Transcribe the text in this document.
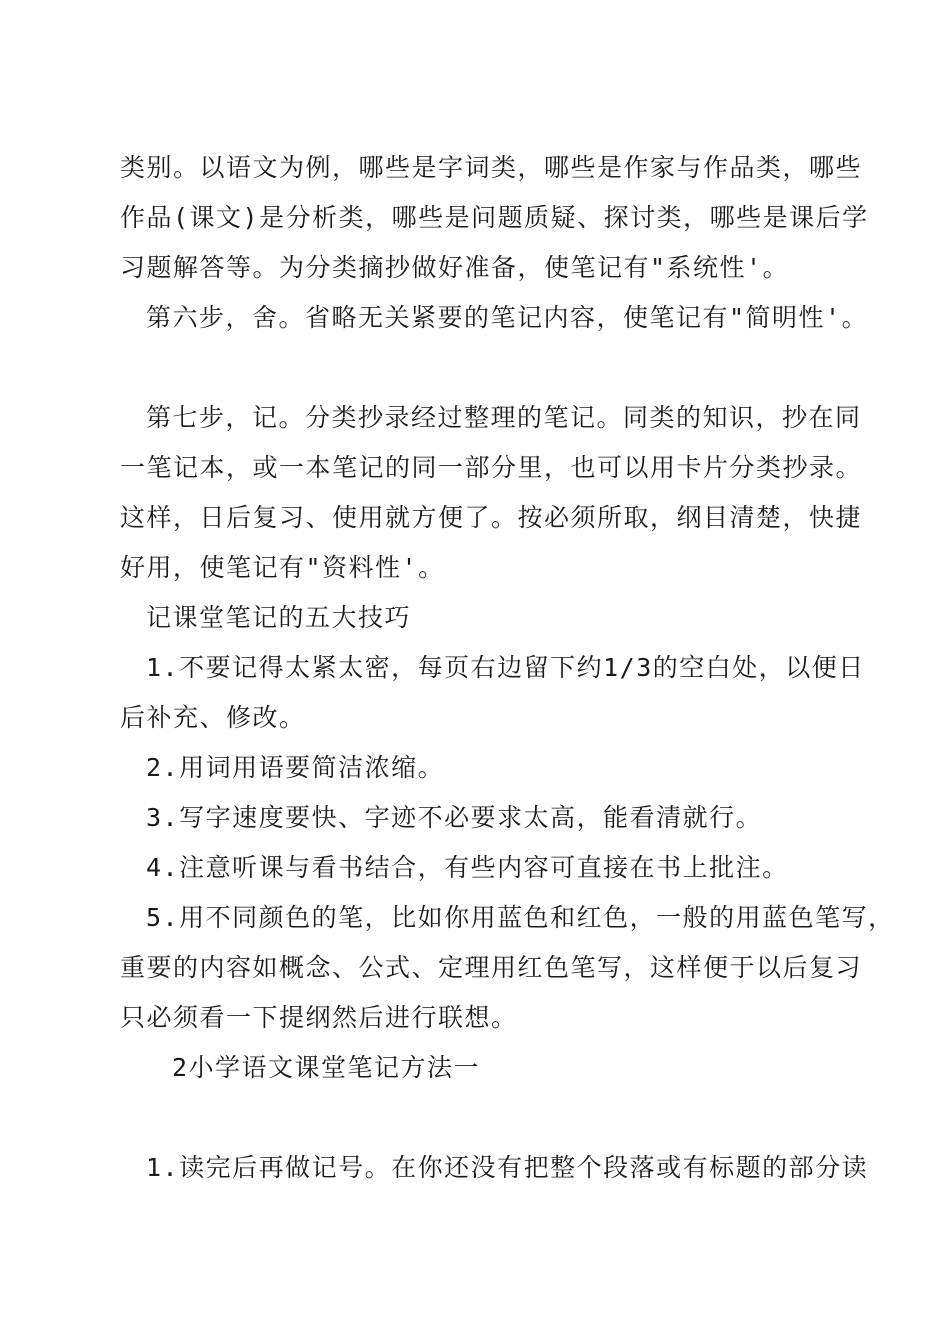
类别。以语文为例，哪些是字词类，哪些是作家与作品类，哪些
作品(课文)是分析类，哪些是问题质疑、探讨类，哪些是课后学
习题解答等。为分类摘抄做好准备，使笔记有"系统性'。
第六步，舍。省略无关紧要的笔记内容，使笔记有"简明性'。
第七步，记。分类抄录经过整理的笔记。同类的知识，抄在同
一笔记本，或一本笔记的同一部分里，也可以用卡片分类抄录。
这样，日后复习、使用就方便了。按必须所取，纲目清楚，快捷
好用，使笔记有"资料性'。
记课堂笔记的五大技巧
1.不要记得太紧太密，每页右边留下约1/3的空白处，以便日
后补充、修改。
2.用词用语要简洁浓缩。
3.写字速度要快、字迹不必要求太高，能看清就行。
4.注意听课与看书结合，有些内容可直接在书上批注。
5.用不同颜色的笔，比如你用蓝色和红色，一般的用蓝色笔写，
重要的内容如概念、公式、定理用红色笔写，这样便于以后复习
只必须看一下提纲然后进行联想。
2小学语文课堂笔记方法一
1.读完后再做记号。在你还没有把整个段落或有标题的部分读
